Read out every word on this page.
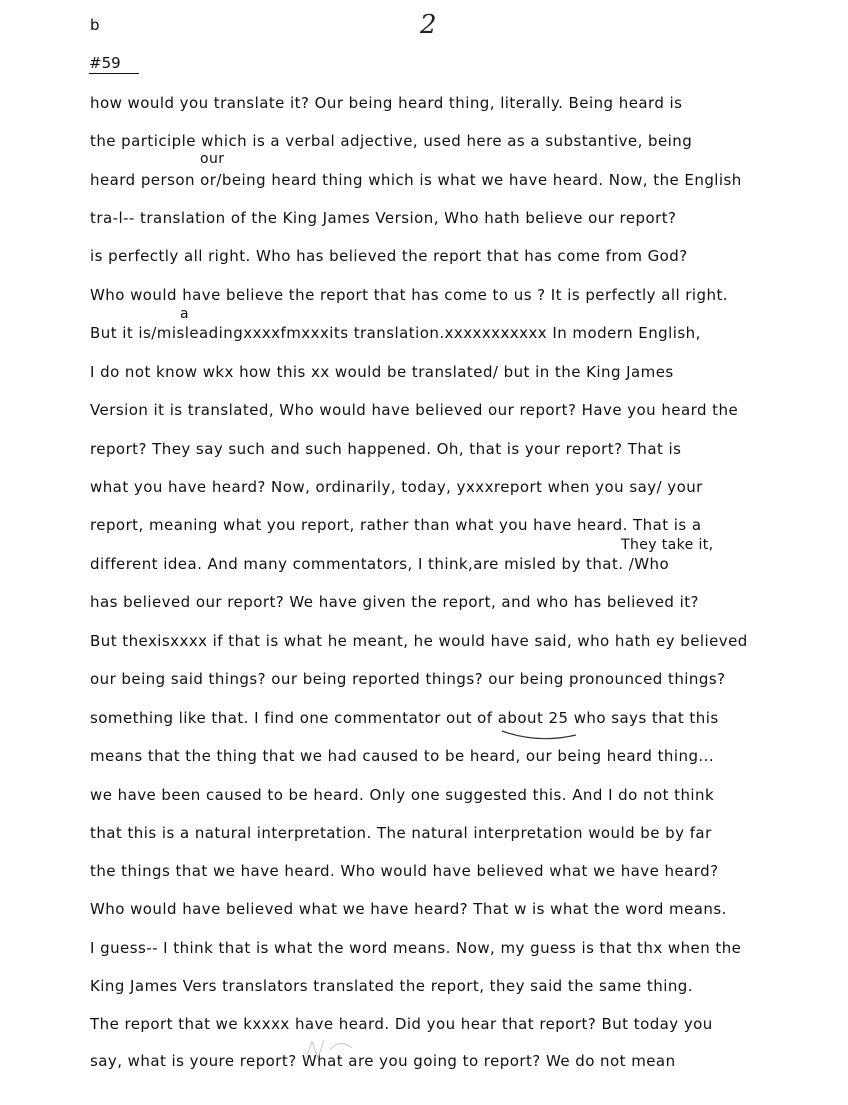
b	2
#59
our
a
They take it,
how would you translate it? Our being heard thing, literally. Being heard is
the participle which is a verbal adjective, used here as a substantive, being
heard person or/being heard thing which is what we have heard. Now, the English
tra-l-- translation of the King James Version, Who hath believe our report?
is perfectly all right. Who has believed the report that has come from God?
Who would have believe the report that has come to us ? It is perfectly all right.
But it is/misleadingxxxxfmxxxits translation.xxxxxxxxxxx In modern English,
I do not know wkx how this xx would be translated/ but in the King James
Version it is translated, Who would have believed our report? Have you heard the
report? They say such and such happened. Oh, that is your report? That is
what you have heard? Now, ordinarily, today, yxxxreport when you say/ your
report, meaning what you report, rather than what you have heard. That is a
different idea. And many commentators, I think,are misled by that. /Who
has believed our report? We have given the report, and who has believed it?
But thexisxxxx if that is what he meant, he would have said, who hath ey believed
our being said things? our being reported things? our being pronounced things?
something like that. I find one commentator out of about 25 who says that this
means that the thing that we had caused to be heard, our being heard thing...
we have been caused to be heard. Only one suggested this. And I do not think
that this is a natural interpretation. The natural interpretation would be by far
the things that we have heard. Who would have believed what we have heard?
Who would have believed what we have heard? That w is what the word means.
I guess-- I think that is what the word means. Now, my guess is that thx when the
King James Vers translators translated the report, they said the same thing.
The report that we kxxxx have heard. Did you hear that report? But today you
say, what is youre report? What are you going to report? We do not mean
